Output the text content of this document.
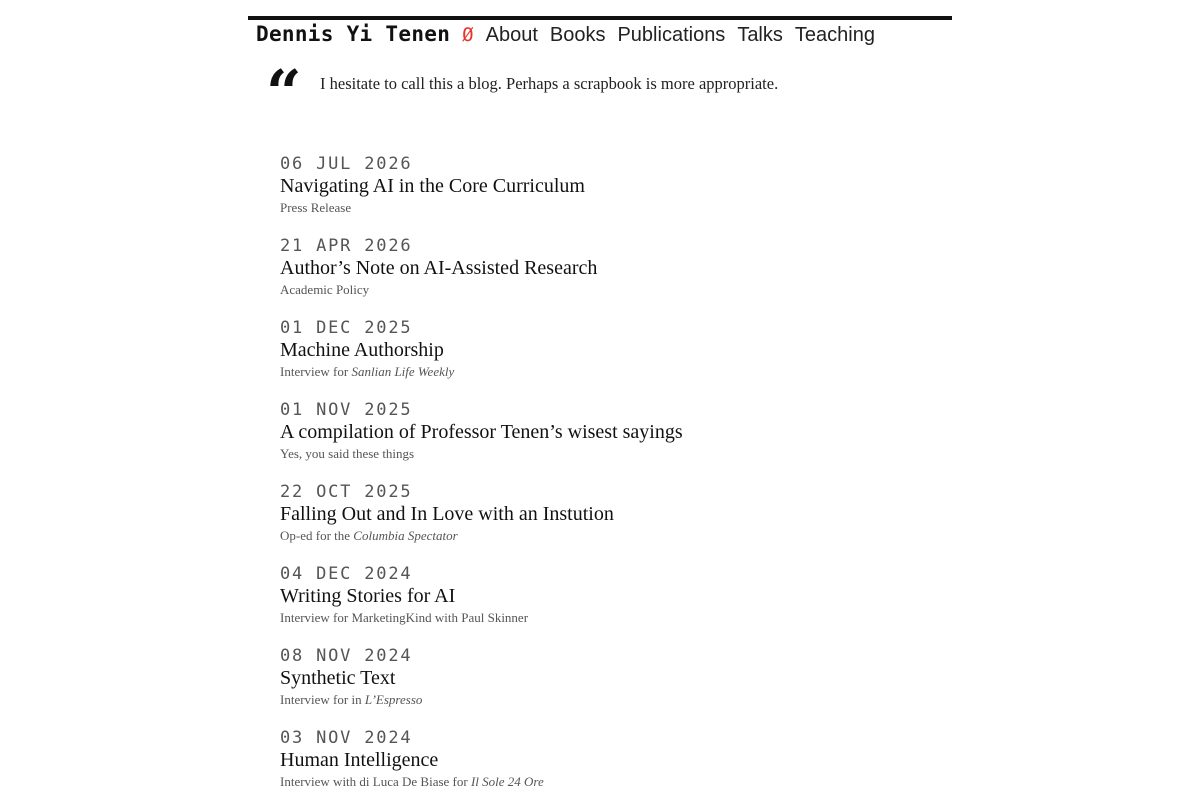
Dennis Yi Tenen Ø About Books Publications Talks Teaching
“ I hesitate to call this a blog. Perhaps a scrapbook is more appropriate.
06 JUL 2026
Navigating AI in the Core Curriculum
Press Release
21 APR 2026
Author’s Note on AI-Assisted Research
Academic Policy
01 DEC 2025
Machine Authorship
Interview for Sanlian Life Weekly
01 NOV 2025
A compilation of Professor Tenen’s wisest sayings
Yes, you said these things
22 OCT 2025
Falling Out and In Love with an Instution
Op-ed for the Columbia Spectator
04 DEC 2024
Writing Stories for AI
Interview for MarketingKind with Paul Skinner
08 NOV 2024
Synthetic Text
Interview for in L’Espresso
03 NOV 2024
Human Intelligence
Interview with di Luca De Biase for Il Sole 24 Ore
